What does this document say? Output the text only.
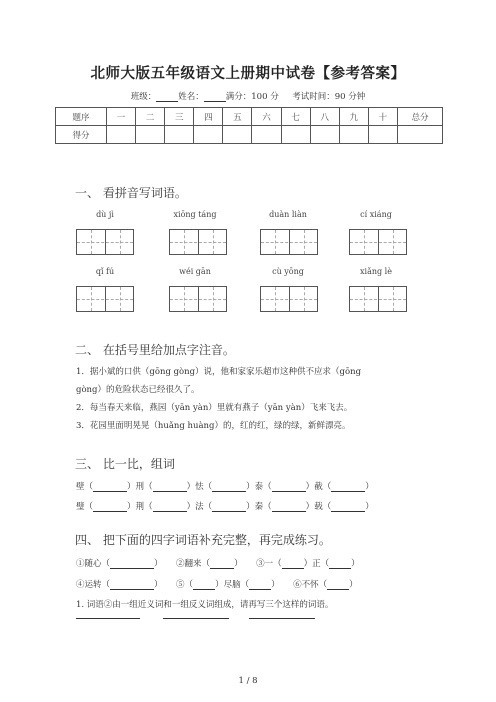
北师大版五年级语文上册期中试卷【参考答案】
班级：	姓名：	满分：100 分 考试时间：90 分钟
题序	一	二	三	四	五	六	七	八	九	十	总分
得分											
一、 看拼音写词语。
dù jì	xiōng táng	duàn liàn	cí xiáng
qǐ fú	wéi gān	cù yōng	xiǎng lè
二、 在括号里给加点字注音。
1．据小斌的口供（gōng gòng）说，他和家家乐超市这种供不应求（gōng
gòng）的危险状态已经很久了。
2．每当春天来临，燕园（yān yàn）里就有燕子（yān yàn）飞来飞去。
3．花园里面明晃晃（huǎng huàng）的，红的红，绿的绿，新鲜漂亮。
三、 比一比，组词
壁（	）刑（	）怯（	）泰（	）截（	）
璧（	）荆（	）法（	）秦（	）载（	）
四、 把下面的四字词语补充完整，再完成练习。
①随心（	） ②翻来（	） ③一（	）正（	）
④运转（	） ⑤（	）尽脑（	） ⑥不怀（	）
1. 词语②由一组近义词和一组反义词组成，请再写三个这样的词语。
1 / 8
